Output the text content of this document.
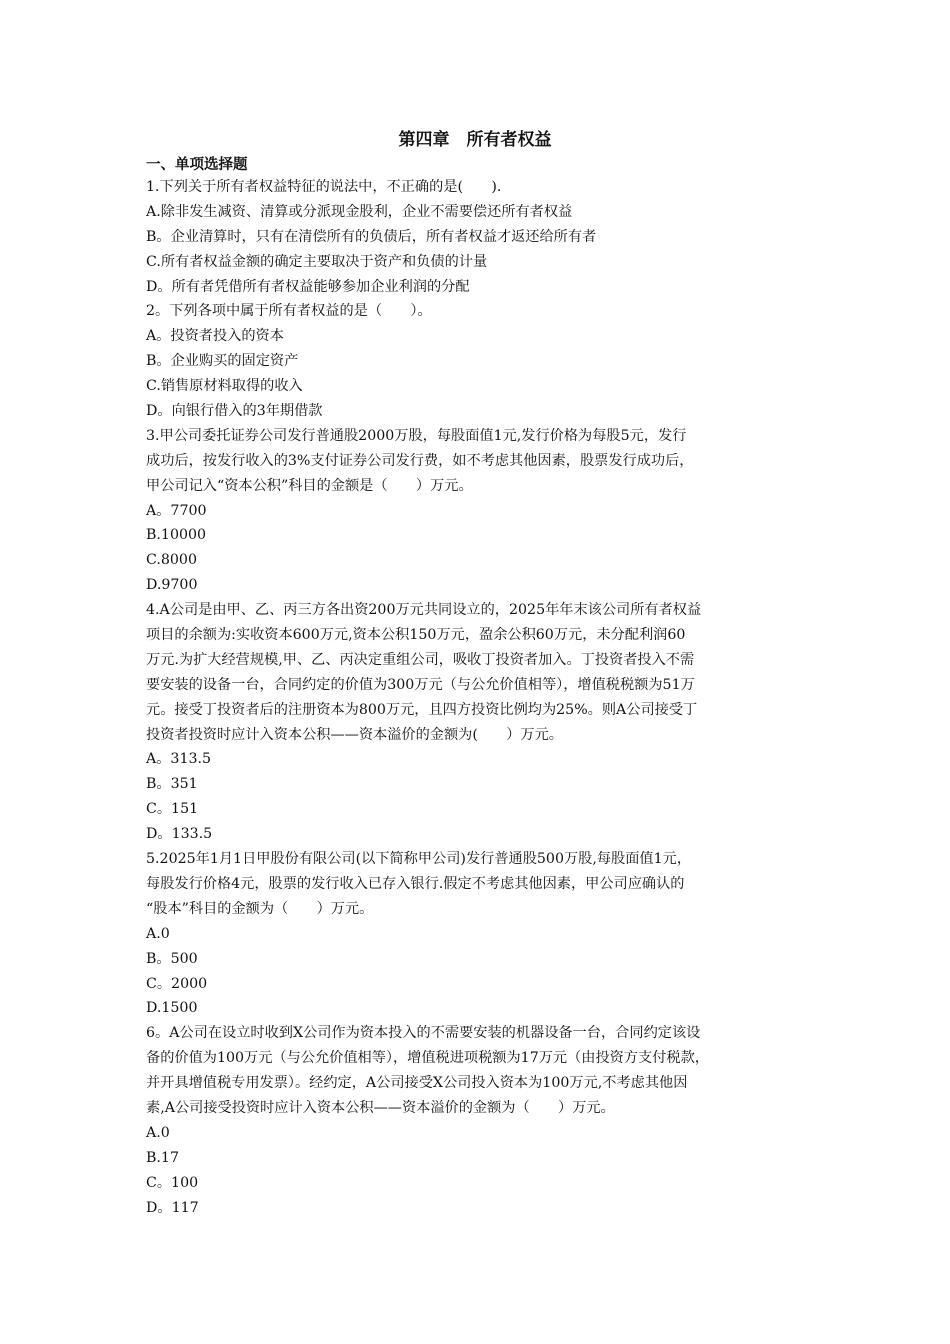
第四章　所有者权益
一、单项选择题
1.下列关于所有者权益特征的说法中，不正确的是(　　).
A.除非发生减资、清算或分派现金股利，企业不需要偿还所有者权益
B。企业清算时，只有在清偿所有的负债后，所有者权益才返还给所有者
C.所有者权益金额的确定主要取决于资产和负债的计量
D。所有者凭借所有者权益能够参加企业利润的分配
2。下列各项中属于所有者权益的是（　　）。
A。投资者投入的资本
B。企业购买的固定资产
C.销售原材料取得的收入
D。向银行借入的3年期借款
3.甲公司委托证券公司发行普通股2000万股，每股面值1元,发行价格为每股5元，发行
成功后，按发行收入的3%支付证券公司发行费，如不考虑其他因素，股票发行成功后，
甲公司记入“资本公积”科目的金额是（　　）万元。
A。7700
B.10000
C.8000
D.9700
4.A公司是由甲、乙、丙三方各出资200万元共同设立的，2025年年末该公司所有者权益
项目的余额为:实收资本600万元,资本公积150万元，盈余公积60万元，未分配利润60
万元.为扩大经营规模,甲、乙、丙决定重组公司，吸收丁投资者加入。丁投资者投入不需
要安装的设备一台，合同约定的价值为300万元（与公允价值相等），增值税税额为51万
元。接受丁投资者后的注册资本为800万元，且四方投资比例均为25%。则A公司接受丁
投资者投资时应计入资本公积——资本溢价的金额为(　　）万元。
A。313.5
B。351
C。151
D。133.5
5.2025年1月1日甲股份有限公司(以下简称甲公司)发行普通股500万股,每股面值1元，
每股发行价格4元，股票的发行收入已存入银行.假定不考虑其他因素，甲公司应确认的
“股本”科目的金额为（　　）万元。
A.0
B。500
C。2000
D.1500
6。A公司在设立时收到X公司作为资本投入的不需要安装的机器设备一台，合同约定该设
备的价值为100万元（与公允价值相等），增值税进项税额为17万元（由投资方支付税款，
并开具增值税专用发票）。经约定，A公司接受X公司投入资本为100万元,不考虑其他因
素,A公司接受投资时应计入资本公积——资本溢价的金额为（　　）万元。
A.0
B.17
C。100
D。117
